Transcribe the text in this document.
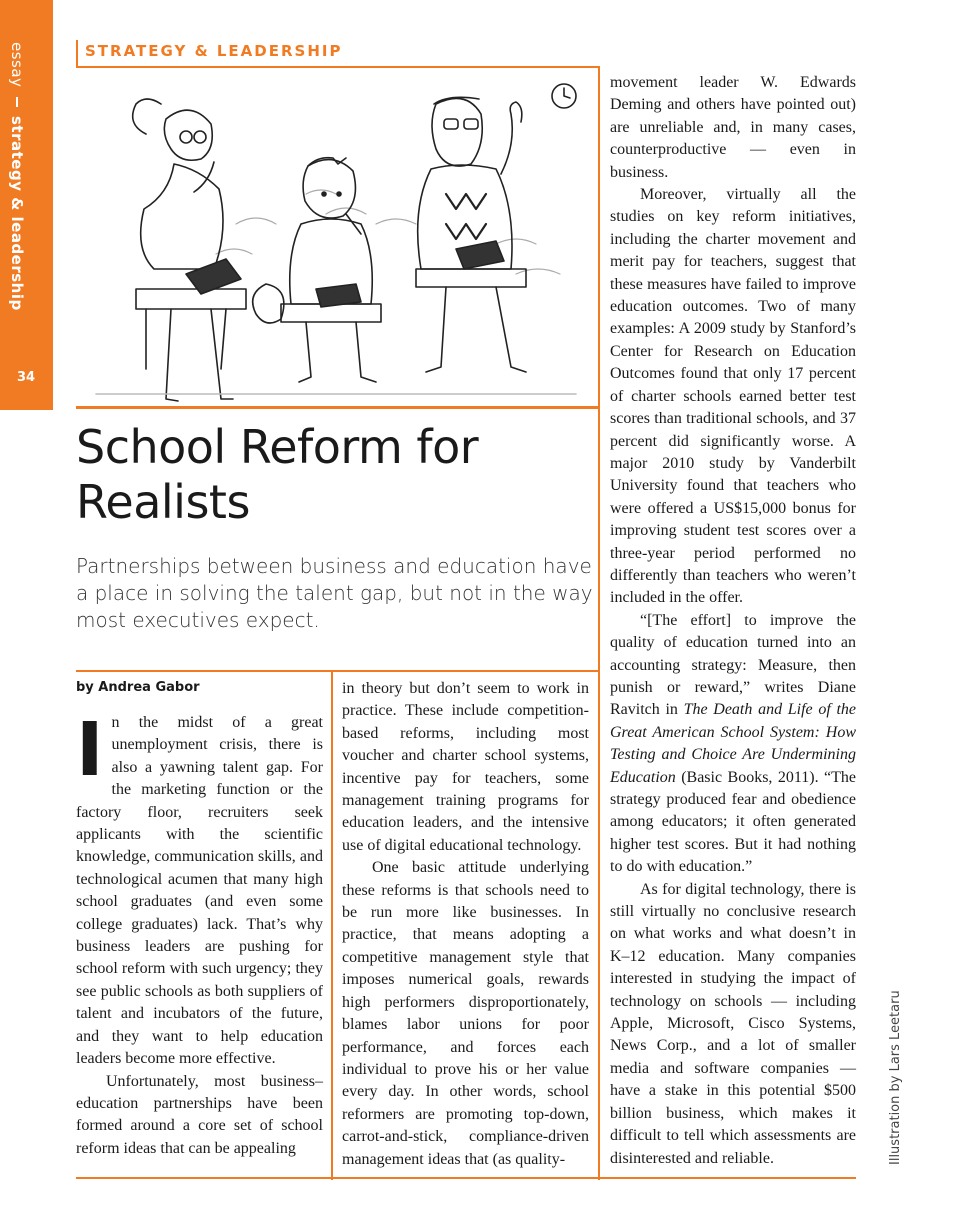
essay  strategy & leadership
34
STRATEGY & LEADERSHIP
School Reform for
Realists
Partnerships between business and education have a place in solving the talent gap, but not in the way most executives expect.
by Andrea Gabor

In the midst of a great unemployment crisis, there is also a yawning talent gap. For the marketing function or the factory floor, recruiters seek applicants with the scientific knowledge, communication skills, and technological acumen that many high school graduates (and even some college graduates) lack. That’s why business leaders are pushing for school reform with such urgency; they see public schools as both suppliers of talent and incubators of the future, and they want to help education leaders become more effective.

Unfortunately, most business–education partnerships have been formed around a core set of school reform ideas that can be appealing

in theory but don’t seem to work in practice. These include competition-based reforms, including most voucher and charter school systems, incentive pay for teachers, some management training programs for education leaders, and the intensive use of digital educational technology.

One basic attitude underlying these reforms is that schools need to be run more like businesses. In practice, that means adopting a competitive management style that imposes numerical goals, rewards high performers disproportionately, blames labor unions for poor performance, and forces each individual to prove his or her value every day. In other words, school reformers are promoting top-down, carrot-and-stick, compliance-driven management ideas that (as quality-

movement leader W. Edwards Deming and others have pointed out) are unreliable and, in many cases, counterproductive — even in business.

Moreover, virtually all the studies on key reform initiatives, including the charter movement and merit pay for teachers, suggest that these measures have failed to improve education outcomes. Two of many examples: A 2009 study by Stanford’s Center for Research on Education Outcomes found that only 17 percent of charter schools earned better test scores than traditional schools, and 37 percent did significantly worse. A major 2010 study by Vanderbilt University found that teachers who were offered a US$15,000 bonus for improving student test scores over a three-year period performed no differently than teachers who weren’t included in the offer.

“[The effort] to improve the quality of education turned into an accounting strategy: Measure, then punish or reward,” writes Diane Ravitch in The Death and Life of the Great American School System: How Testing and Choice Are Undermining Education (Basic Books, 2011). “The strategy produced fear and obedience among educators; it often generated higher test scores. But it had nothing to do with education.”

As for digital technology, there is still virtually no conclusive research on what works and what doesn’t in K–12 education. Many companies interested in studying the impact of technology on schools — including Apple, Microsoft, Cisco Systems, News Corp., and a lot of smaller media and software companies — have a stake in this potential $500 billion business, which makes it difficult to tell which assessments are disinterested and reliable.	Illustration by Lars Leetaru
